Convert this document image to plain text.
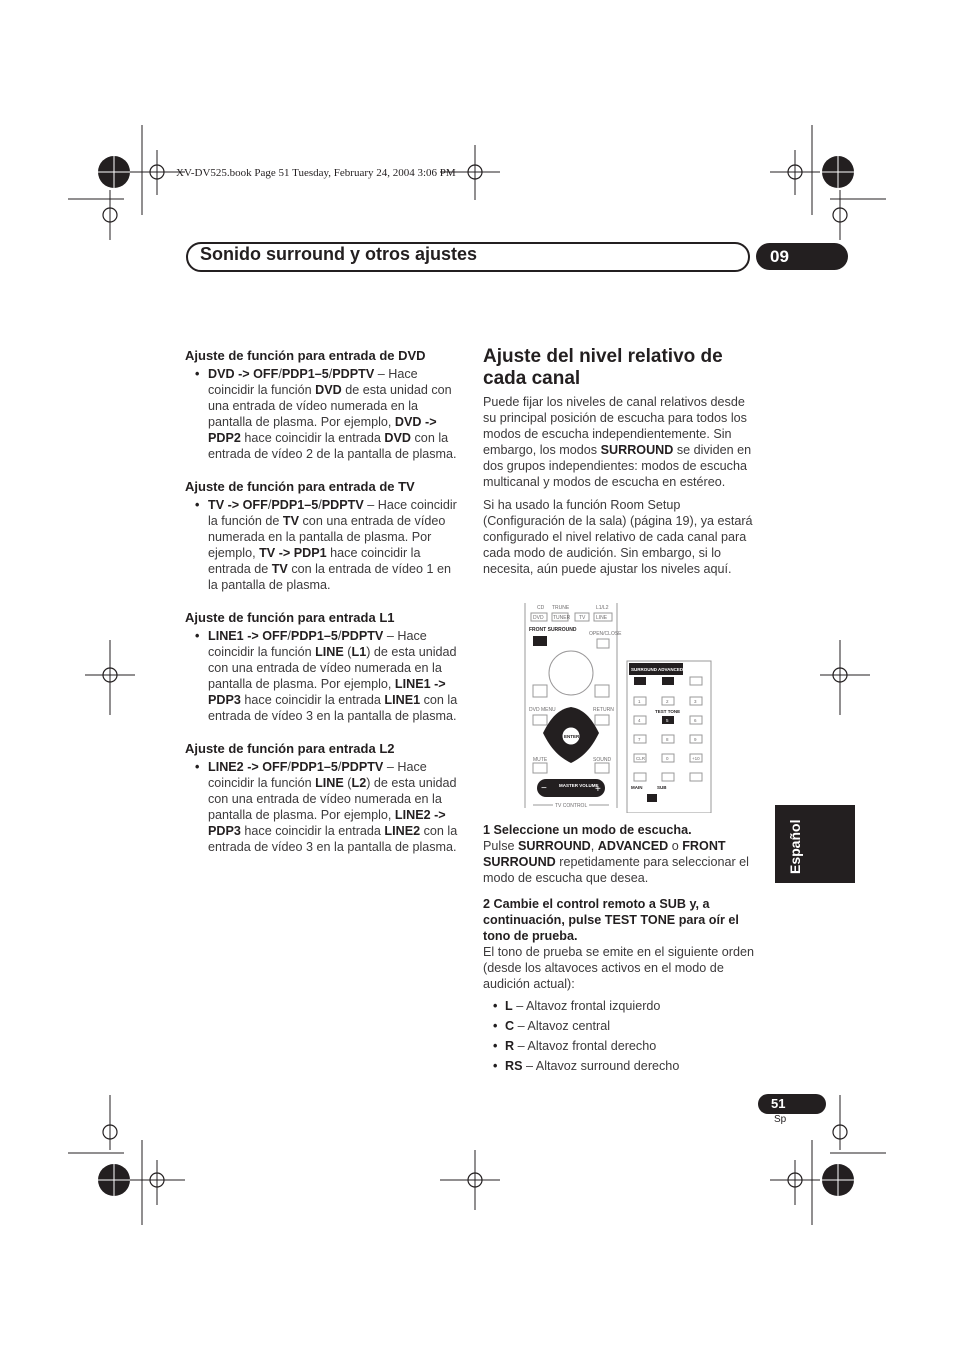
XV-DV525.book Page 51 Tuesday, February 24, 2004 3:06 PM
Sonido surround y otros ajustes	09
Ajuste de función para entrada de DVD
• DVD -> OFF/PDP1–5/PDPTV – Hace coincidir la función DVD de esta unidad con una entrada de vídeo numerada en la pantalla de plasma. Por ejemplo, DVD -> PDP2 hace coincidir la entrada DVD con la entrada de vídeo 2 de la pantalla de plasma.
Ajuste de función para entrada de TV
• TV -> OFF/PDP1–5/PDPTV – Hace coincidir la función de TV con una entrada de vídeo numerada en la pantalla de plasma. Por ejemplo, TV -> PDP1 hace coincidir la entrada de TV con la entrada de vídeo 1 en la pantalla de plasma.
Ajuste de función para entrada L1
• LINE1 -> OFF/PDP1–5/PDPTV – Hace coincidir la función LINE (L1) de esta unidad con una entrada de vídeo numerada en la pantalla de plasma. Por ejemplo, LINE1 -> PDP3 hace coincidir la entrada LINE1 con la entrada de vídeo 3 en la pantalla de plasma.
Ajuste de función para entrada L2
• LINE2 -> OFF/PDP1–5/PDPTV – Hace coincidir la función LINE (L2) de esta unidad con una entrada de vídeo numerada en la pantalla de plasma. Por ejemplo, LINE2 -> PDP3 hace coincidir la entrada LINE2 con la entrada de vídeo 3 en la pantalla de plasma.
Ajuste del nivel relativo de cada canal

Puede fijar los niveles de canal relativos desde su principal posición de escucha para todos los modos de escucha independientemente. Sin embargo, los modos SURROUND se dividen en dos grupos independientes: modos de escucha multicanal y modos de escucha en estéreo.

Si ha usado la función Room Setup (Configuración de la sala) (página 19), ya estará configurado el nivel relativo de cada canal para cada modo de audición. Sin embargo, si lo necesita, aún puede ajustar los niveles aquí.

CD TRUNE	L1/L2
DVD TUNER TV LINE
OPEN/CLOSE
DVD MENU	RETURN
MUTE	SOUND
TV CONTROL
FRONT SURROUND
ENTER
MASTER VOLUME
−	+
SURROUND ADVANCED
TEST TONE
1	2	3
4	5	6
7	8	9
CLR	0	+10
MAIN	SUB
1 Seleccione un modo de escucha.

Pulse SURROUND, ADVANCED o FRONT SURROUND repetidamente para seleccionar el modo de escucha que desea.

2 Cambie el control remoto a SUB y, a continuación, pulse TEST TONE para oír el tono de prueba.

El tono de prueba se emite en el siguiente orden (desde los altavoces activos en el modo de audición actual):

• L – Altavoz frontal izquierdo
• C – Altavoz central
• R – Altavoz frontal derecho
• RS – Altavoz surround derecho
Español
51
Sp
